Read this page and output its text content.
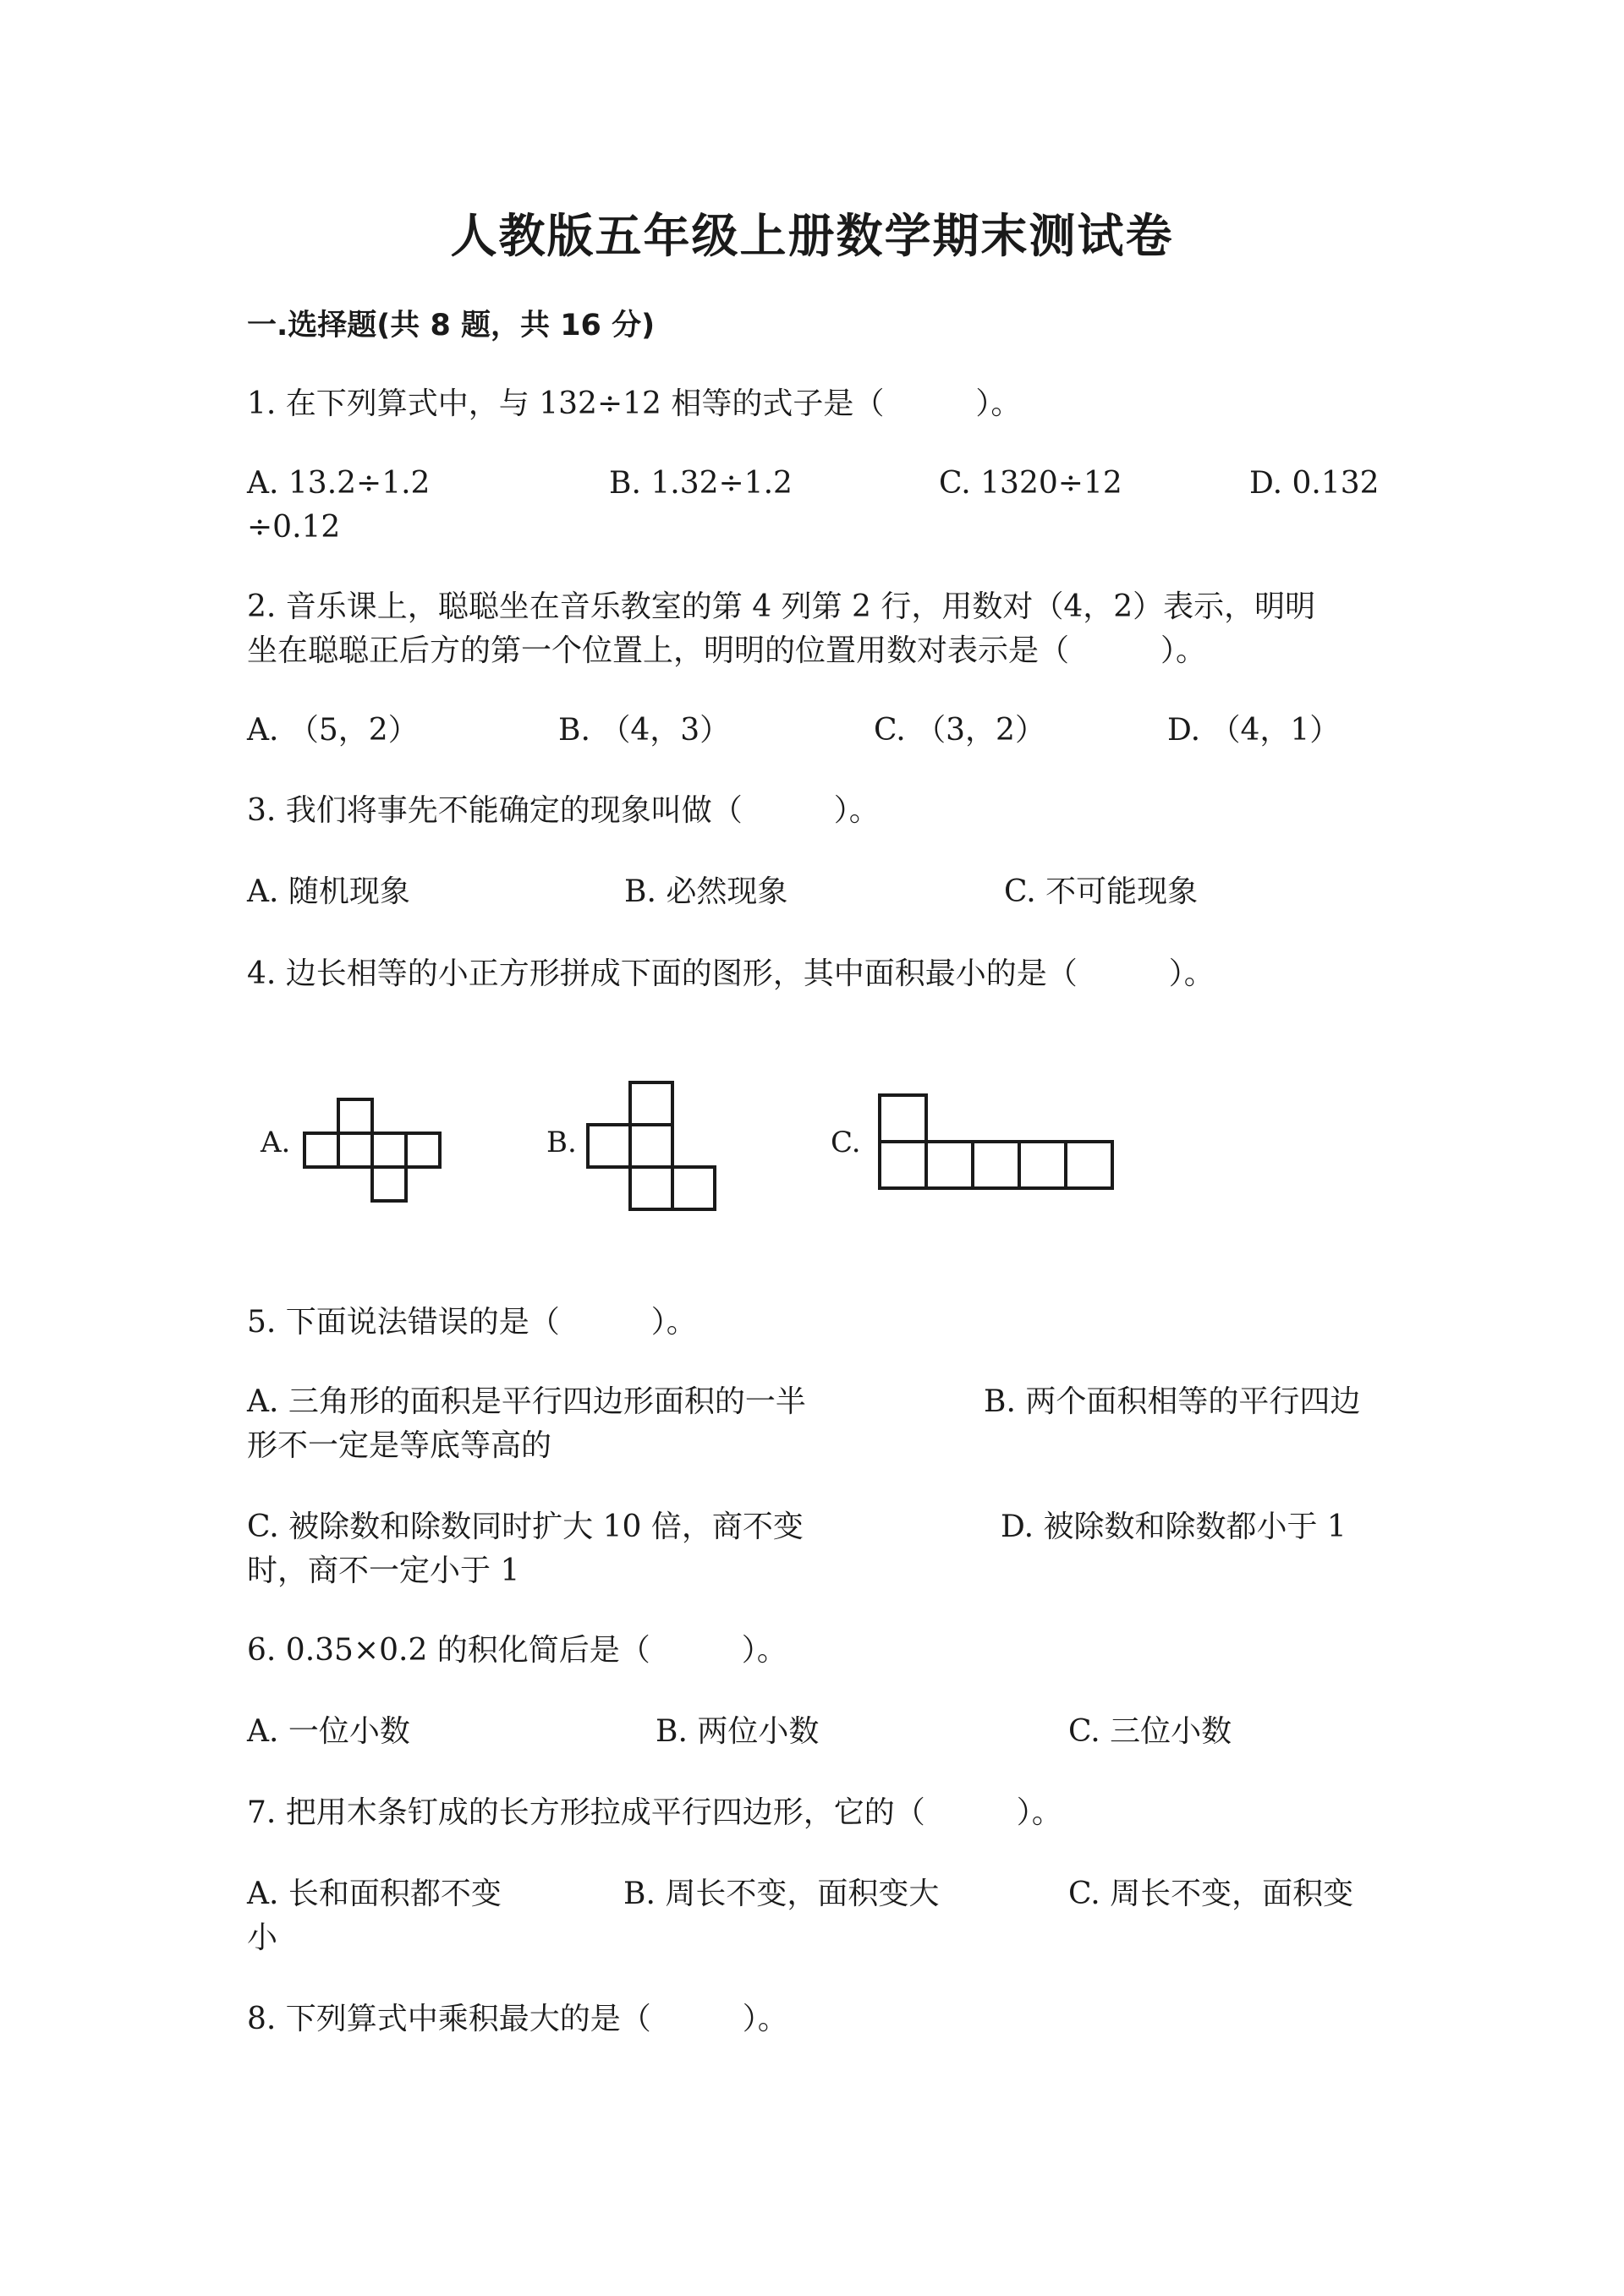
人教版五年级上册数学期末测试卷
一.选择题(共 8 题，共 16 分)
1. 在下列算式中，与 132÷12 相等的式子是（　　　）。
A. 13.2÷1.2	B. 1.32÷1.2	C. 1320÷12	D. 0.132
÷0.12
2. 音乐课上，聪聪坐在音乐教室的第 4 列第 2 行，用数对（4，2）表示，明明
坐在聪聪正后方的第一个位置上，明明的位置用数对表示是（　　　）。
A. （5，2）	B. （4，3）	C. （3，2）	D. （4，1）
3. 我们将事先不能确定的现象叫做（　　　）。
A. 随机现象	B. 必然现象	C. 不可能现象
4. 边长相等的小正方形拼成下面的图形，其中面积最小的是（　　　）。
A.	B.	C.
5. 下面说法错误的是（　　　）。
A. 三角形的面积是平行四边形面积的一半	B. 两个面积相等的平行四边
形不一定是等底等高的
C. 被除数和除数同时扩大 10 倍，商不变	D. 被除数和除数都小于 1
时，商不一定小于 1
6. 0.35×0.2 的积化简后是（　　　）。
A. 一位小数	B. 两位小数	C. 三位小数
7. 把用木条钉成的长方形拉成平行四边形，它的（　　　）。
A. 长和面积都不变	B. 周长不变，面积变大	C. 周长不变，面积变
小
8. 下列算式中乘积最大的是（　　　）。
